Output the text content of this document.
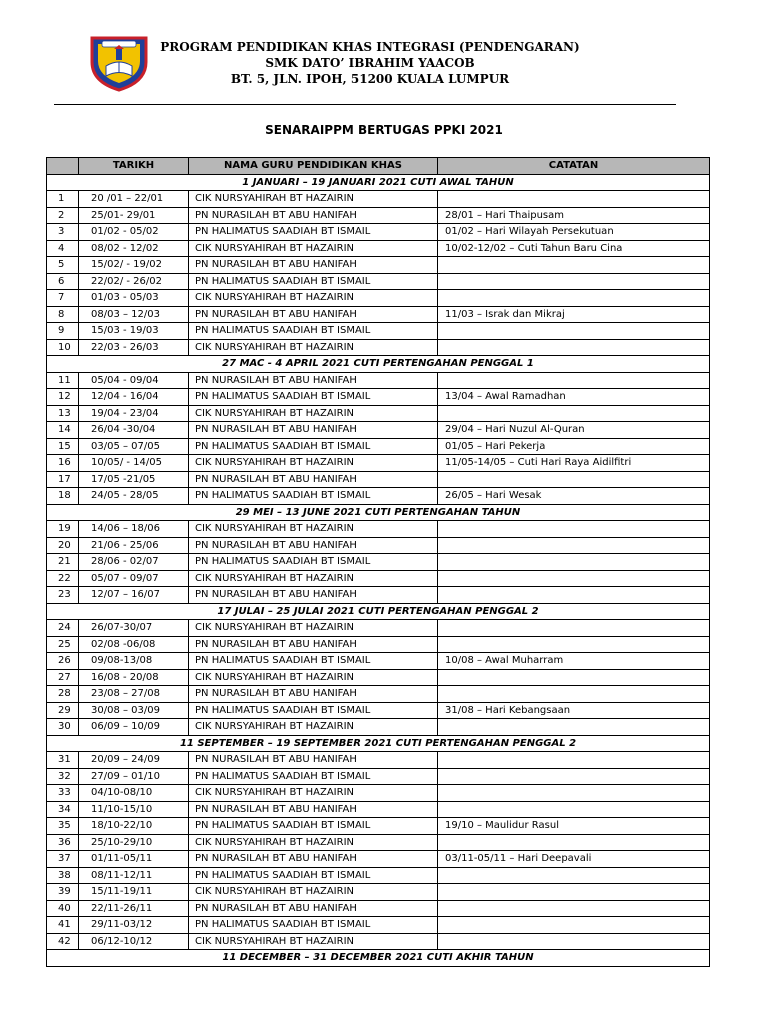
PROGRAM PENDIDIKAN KHAS INTEGRASI (PENDENGARAN)
SMK DATO’ IBRAHIM YAACOB
BT. 5, JLN. IPOH, 51200 KUALA LUMPUR
SENARAIPPM BERTUGAS PPKI 2021
	TARIKH	NAMA GURU PENDIDIKAN KHAS	CATATAN
1 JANUARI – 19 JANUARI 2021 CUTI AWAL TAHUN			
1	20 /01 – 22/01	CIK NURSYAHIRAH BT HAZAIRIN	
2	25/01- 29/01	PN NURASILAH BT ABU HANIFAH	28/01 – Hari Thaipusam
3	01/02 - 05/02	PN HALIMATUS SAADIAH BT ISMAIL	01/02 – Hari Wilayah Persekutuan
4	08/02 - 12/02	CIK NURSYAHIRAH BT HAZAIRIN	10/02-12/02 – Cuti Tahun Baru Cina
5	15/02/ - 19/02	PN NURASILAH BT ABU HANIFAH	
6	22/02/ - 26/02	PN HALIMATUS SAADIAH BT ISMAIL	
7	01/03 - 05/03	CIK NURSYAHIRAH BT HAZAIRIN	
8	08/03 – 12/03	PN NURASILAH BT ABU HANIFAH	11/03 – Israk dan Mikraj
9	15/03 - 19/03	PN HALIMATUS SAADIAH BT ISMAIL	
10	22/03 - 26/03	CIK NURSYAHIRAH BT HAZAIRIN	
27 MAC - 4 APRIL 2021 CUTI PERTENGAHAN PENGGAL 1			
11	05/04 - 09/04	PN NURASILAH BT ABU HANIFAH	
12	12/04 - 16/04	PN HALIMATUS SAADIAH BT ISMAIL	13/04 – Awal Ramadhan
13	19/04 - 23/04	CIK NURSYAHIRAH BT HAZAIRIN	
14	26/04 -30/04	PN NURASILAH BT ABU HANIFAH	29/04 – Hari Nuzul Al-Quran
15	03/05 – 07/05	PN HALIMATUS SAADIAH BT ISMAIL	01/05 – Hari Pekerja
16	10/05/ - 14/05	CIK NURSYAHIRAH BT HAZAIRIN	11/05-14/05 – Cuti Hari Raya Aidilfitri
17	17/05 -21/05	PN NURASILAH BT ABU HANIFAH	
18	24/05 - 28/05	PN HALIMATUS SAADIAH BT ISMAIL	26/05 – Hari Wesak
29 MEI – 13 JUNE 2021 CUTI PERTENGAHAN TAHUN			
19	14/06 – 18/06	CIK NURSYAHIRAH BT HAZAIRIN	
20	21/06 - 25/06	PN NURASILAH BT ABU HANIFAH	
21	28/06 - 02/07	PN HALIMATUS SAADIAH BT ISMAIL	
22	05/07 - 09/07	CIK NURSYAHIRAH BT HAZAIRIN	
23	12/07 – 16/07	PN NURASILAH BT ABU HANIFAH	
17 JULAI – 25 JULAI 2021 CUTI PERTENGAHAN PENGGAL 2			
24	26/07-30/07	CIK NURSYAHIRAH BT HAZAIRIN	
25	02/08 -06/08	PN NURASILAH BT ABU HANIFAH	
26	09/08-13/08	PN HALIMATUS SAADIAH BT ISMAIL	10/08 – Awal Muharram
27	16/08 - 20/08	CIK NURSYAHIRAH BT HAZAIRIN	
28	23/08 – 27/08	PN NURASILAH BT ABU HANIFAH	
29	30/08 – 03/09	PN HALIMATUS SAADIAH BT ISMAIL	31/08 – Hari Kebangsaan
30	06/09 – 10/09	CIK NURSYAHIRAH BT HAZAIRIN	
11 SEPTEMBER – 19 SEPTEMBER 2021 CUTI PERTENGAHAN PENGGAL 2			
31	20/09 – 24/09	PN NURASILAH BT ABU HANIFAH	
32	27/09 – 01/10	PN HALIMATUS SAADIAH BT ISMAIL	
33	04/10-08/10	CIK NURSYAHIRAH BT HAZAIRIN	
34	11/10-15/10	PN NURASILAH BT ABU HANIFAH	
35	18/10-22/10	PN HALIMATUS SAADIAH BT ISMAIL	19/10 – Maulidur Rasul
36	25/10-29/10	CIK NURSYAHIRAH BT HAZAIRIN	
37	01/11-05/11	PN NURASILAH BT ABU HANIFAH	03/11-05/11 – Hari Deepavali
38	08/11-12/11	PN HALIMATUS SAADIAH BT ISMAIL	
39	15/11-19/11	CIK NURSYAHIRAH BT HAZAIRIN	
40	22/11-26/11	PN NURASILAH BT ABU HANIFAH	
41	29/11-03/12	PN HALIMATUS SAADIAH BT ISMAIL	
42	06/12-10/12	CIK NURSYAHIRAH BT HAZAIRIN	
11 DECEMBER – 31 DECEMBER 2021 CUTI AKHIR TAHUN			
